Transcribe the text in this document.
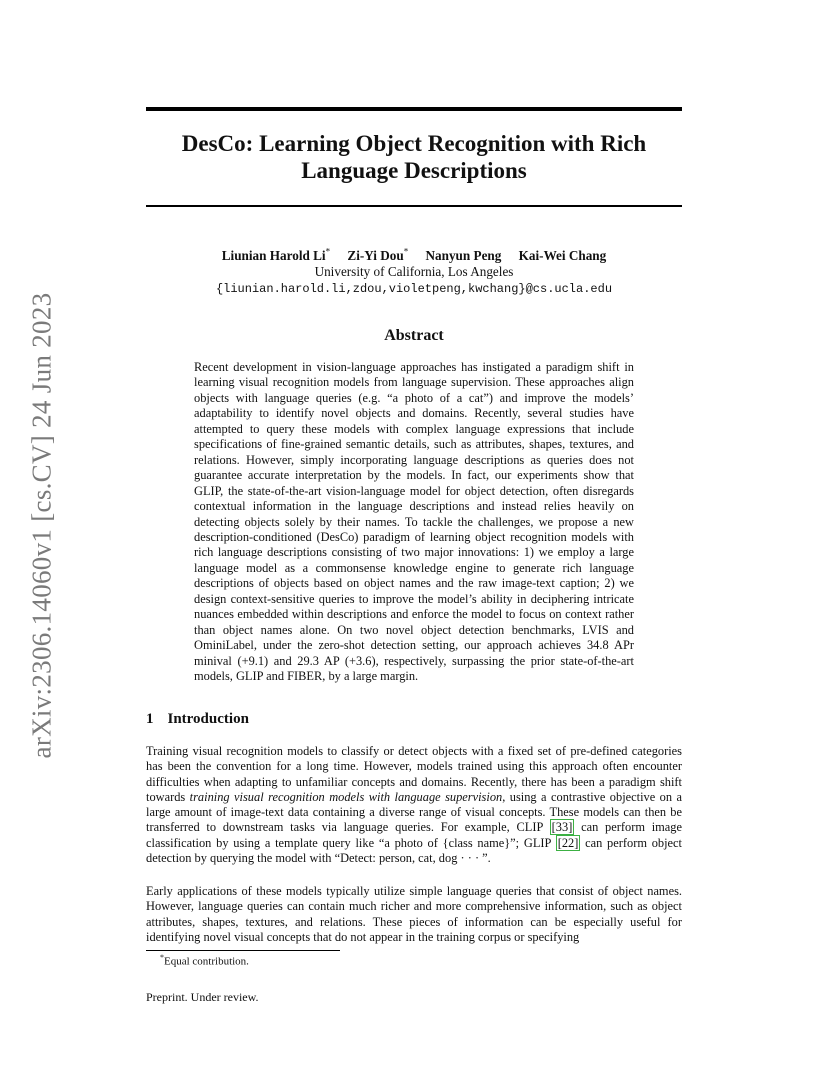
arXiv:2306.14060v1 [cs.CV] 24 Jun 2023
DesCo: Learning Object Recognition with Rich Language Descriptions
Liunian Harold Li* Zi-Yi Dou* Nanyun Peng Kai-Wei Chang
University of California, Los Angeles
{liunian.harold.li,zdou,violetpeng,kwchang}@cs.ucla.edu
Abstract

Recent development in vision-language approaches has instigated a paradigm shift in learning visual recognition models from language supervision. These approaches align objects with language queries (e.g. “a photo of a cat”) and improve the models’ adaptability to identify novel objects and domains. Recently, several studies have attempted to query these models with complex language expressions that include specifications of fine-grained semantic details, such as attributes, shapes, textures, and relations. However, simply incorporating language descriptions as queries does not guarantee accurate interpretation by the models. In fact, our experiments show that GLIP, the state-of-the-art vision-language model for object detection, often disregards contextual information in the language descriptions and instead relies heavily on detecting objects solely by their names. To tackle the challenges, we propose a new description-conditioned (DesCo) paradigm of learning object recognition models with rich language descriptions consisting of two major innovations: 1) we employ a large language model as a commonsense knowledge engine to generate rich language descriptions of objects based on object names and the raw image-text caption; 2) we design context-sensitive queries to improve the model’s ability in deciphering intricate nuances embedded within descriptions and enforce the model to focus on context rather than object names alone. On two novel object detection benchmarks, LVIS and OminiLabel, under the zero-shot detection setting, our approach achieves 34.8 APr minival (+9.1) and 29.3 AP (+3.6), respectively, surpassing the prior state-of-the-art models, GLIP and FIBER, by a large margin.

1 Introduction

Training visual recognition models to classify or detect objects with a fixed set of pre-defined categories has been the convention for a long time. However, models trained using this approach often encounter difficulties when adapting to unfamiliar concepts and domains. Recently, there has been a paradigm shift towards training visual recognition models with language supervision, using a contrastive objective on a large amount of image-text data containing a diverse range of visual concepts. These models can then be transferred to downstream tasks via language queries. For example, CLIP [33] can perform image classification by using a template query like “a photo of {class name}”; GLIP [22] can perform object detection by querying the model with “Detect: person, cat, dog · · · ”.

Early applications of these models typically utilize simple language queries that consist of object names. However, language queries can contain much richer and more comprehensive information, such as object attributes, shapes, textures, and relations. These pieces of information can be especially useful for identifying novel visual concepts that do not appear in the training corpus or specifying

*Equal contribution.

Preprint. Under review.
